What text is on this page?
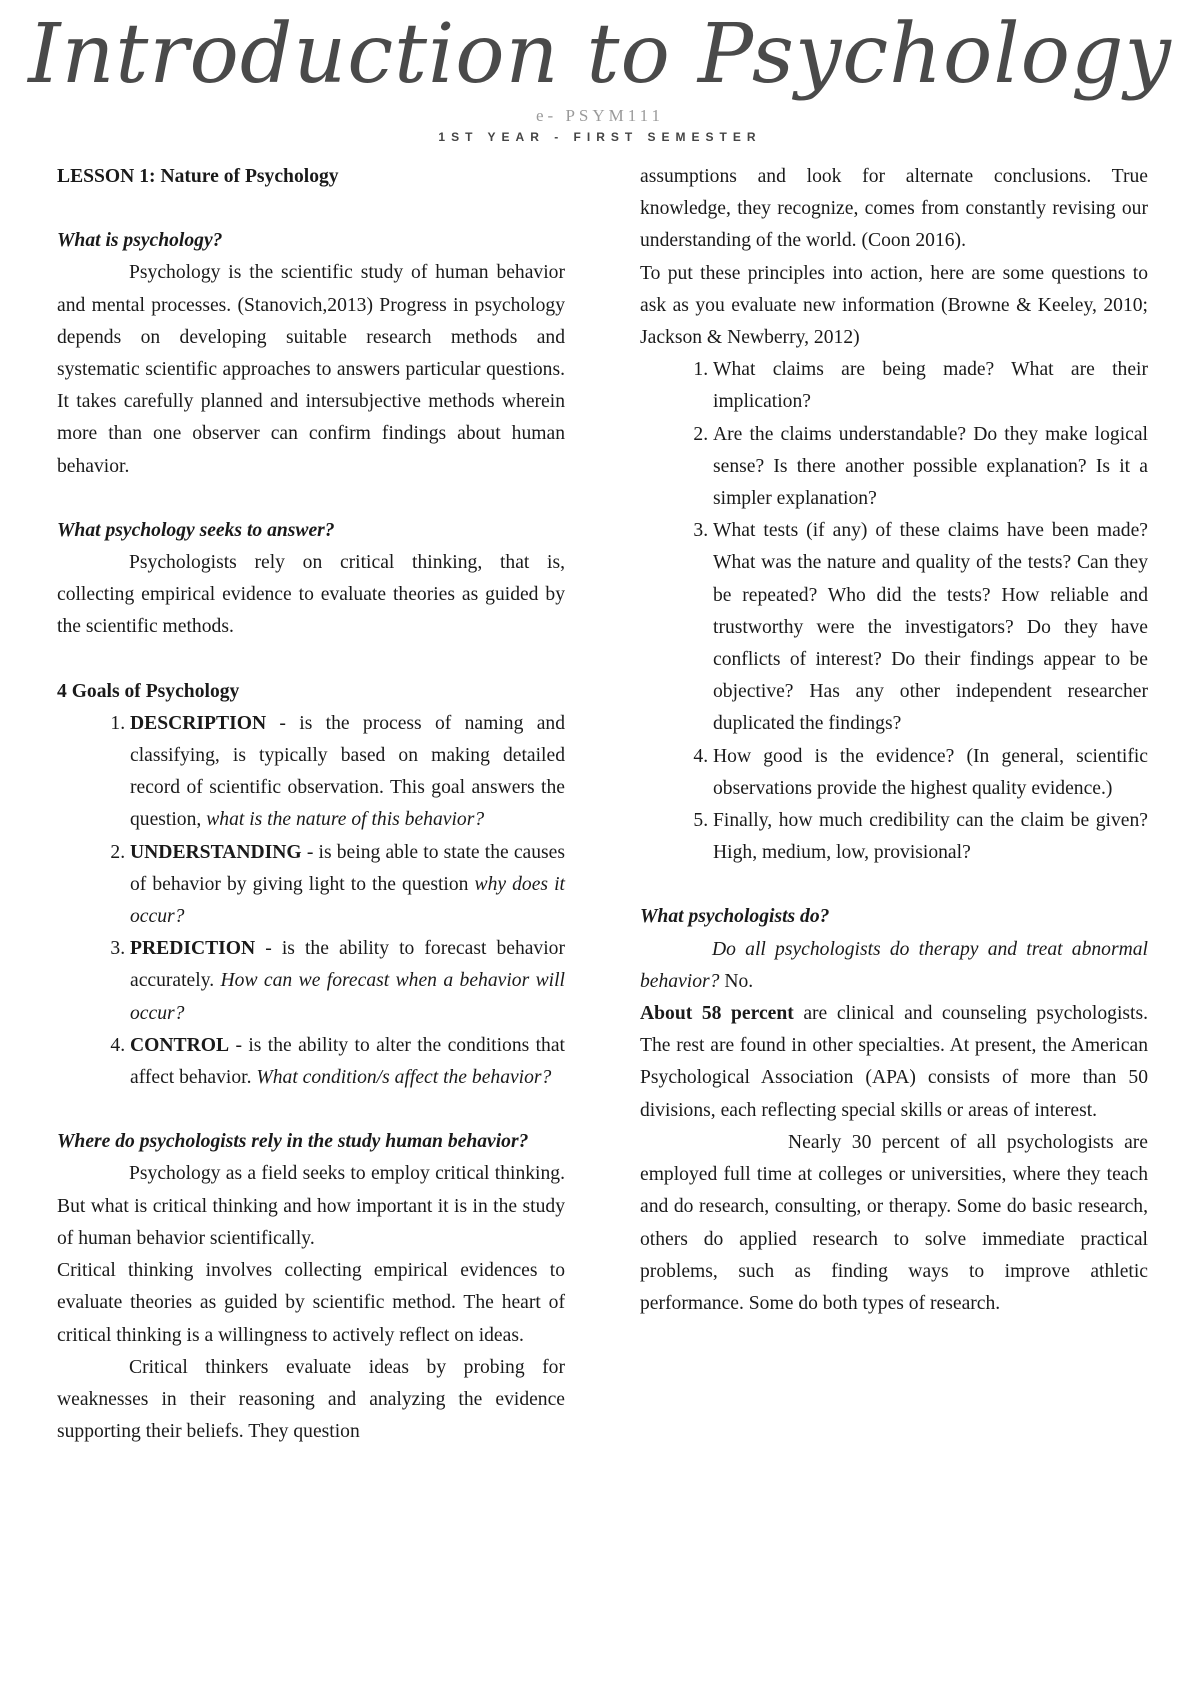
Introduction to Psychology
e- PSYM111
1ST YEAR - FIRST SEMESTER

LESSON 1: Nature of Psychology

What is psychology?

Psychology is the scientific study of human behavior and mental processes. (Stanovich,2013) Progress in psychology depends on developing suitable research methods and systematic scientific approaches to answers particular questions. It takes carefully planned and intersubjective methods wherein more than one observer can confirm findings about human behavior.

What psychology seeks to answer?

Psychologists rely on critical thinking, that is, collecting empirical evidence to evaluate theories as guided by the scientific methods.

4 Goals of Psychology

1. DESCRIPTION - is the process of naming and classifying, is typically based on making detailed record of scientific observation. This goal answers the question, what is the nature of this behavior?
2. UNDERSTANDING - is being able to state the causes of behavior by giving light to the question why does it occur?
3. PREDICTION - is the ability to forecast behavior accurately. How can we forecast when a behavior will occur?
4. CONTROL - is the ability to alter the conditions that affect behavior. What condition/s affect the behavior?

Where do psychologists rely in the study human behavior?

Psychology as a field seeks to employ critical thinking. But what is critical thinking and how important it is in the study of human behavior scientifically.

Critical thinking involves collecting empirical evidences to evaluate theories as guided by scientific method. The heart of critical thinking is a willingness to actively reflect on ideas.

Critical thinkers evaluate ideas by probing for weaknesses in their reasoning and analyzing the evidence supporting their beliefs. They question

assumptions and look for alternate conclusions. True knowledge, they recognize, comes from constantly revising our understanding of the world. (Coon 2016).

To put these principles into action, here are some questions to ask as you evaluate new information (Browne & Keeley, 2010; Jackson & Newberry, 2012)

1. What claims are being made? What are their implication?
2. Are the claims understandable? Do they make logical sense? Is there another possible explanation? Is it a simpler explanation?
3. What tests (if any) of these claims have been made? What was the nature and quality of the tests? Can they be repeated? Who did the tests? How reliable and trustworthy were the investigators? Do they have conflicts of interest? Do their findings appear to be objective? Has any other independent researcher duplicated the findings?
4. How good is the evidence? (In general, scientific observations provide the highest quality evidence.)
5. Finally, how much credibility can the claim be given? High, medium, low, provisional?

What psychologists do?

Do all psychologists do therapy and treat abnormal behavior? No.

About 58 percent are clinical and counseling psychologists. The rest are found in other specialties. At present, the American Psychological Association (APA) consists of more than 50 divisions, each reflecting special skills or areas of interest.

Nearly 30 percent of all psychologists are employed full time at colleges or universities, where they teach and do research, consulting, or therapy. Some do basic research, others do applied research to solve immediate practical problems, such as finding ways to improve athletic performance. Some do both types of research.
